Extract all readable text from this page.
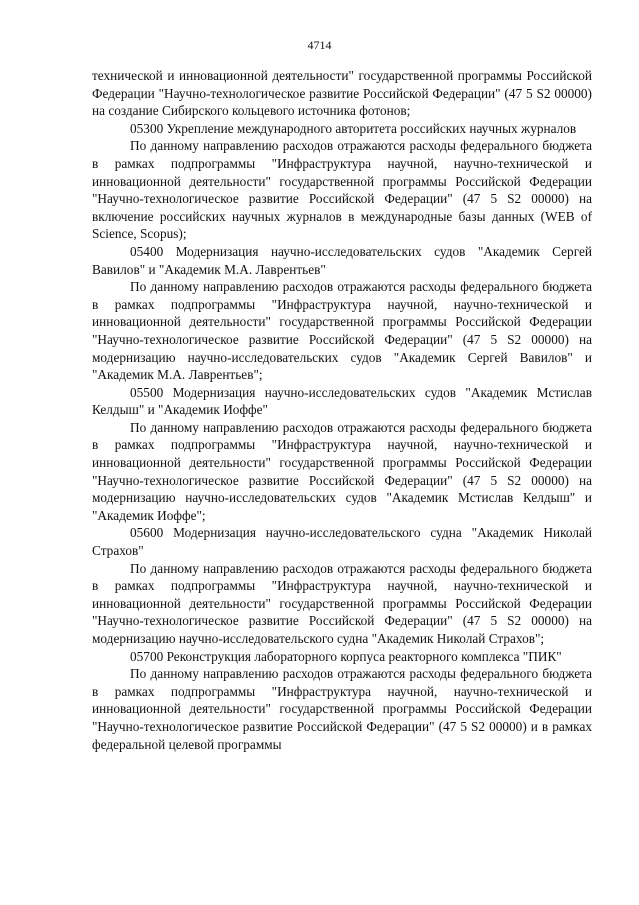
4714

технической и инновационной деятельности" государственной программы Российской Федерации "Научно-технологическое развитие Российской Федерации" (47 5 S2 00000) на создание Сибирского кольцевого источника фотонов;

05300 Укрепление международного авторитета российских научных журналов

По данному направлению расходов отражаются расходы федерального бюджета в рамках подпрограммы "Инфраструктура научной, научно-технической и инновационной деятельности" государственной программы Российской Федерации "Научно-технологическое развитие Российской Федерации" (47 5 S2 00000) на включение российских научных журналов в международные базы данных (WEB of Science, Scopus);

05400 Модернизация научно-исследовательских судов "Академик Сергей Вавилов" и "Академик М.А. Лаврентьев"

По данному направлению расходов отражаются расходы федерального бюджета в рамках подпрограммы "Инфраструктура научной, научно-технической и инновационной деятельности" государственной программы Российской Федерации "Научно-технологическое развитие Российской Федерации" (47 5 S2 00000) на модернизацию научно-исследовательских судов "Академик Сергей Вавилов" и "Академик М.А. Лаврентьев";

05500 Модернизация научно-исследовательских судов "Академик Мстислав Келдыш" и "Академик Иоффе"

По данному направлению расходов отражаются расходы федерального бюджета в рамках подпрограммы "Инфраструктура научной, научно-технической и инновационной деятельности" государственной программы Российской Федерации "Научно-технологическое развитие Российской Федерации" (47 5 S2 00000) на модернизацию научно-исследовательских судов "Академик Мстислав Келдыш" и "Академик Иоффе";

05600 Модернизация научно-исследовательского судна "Академик Николай Страхов"

По данному направлению расходов отражаются расходы федерального бюджета в рамках подпрограммы "Инфраструктура научной, научно-технической и инновационной деятельности" государственной программы Российской Федерации "Научно-технологическое развитие Российской Федерации" (47 5 S2 00000) на модернизацию научно-исследовательского судна "Академик Николай Страхов";

05700 Реконструкция лабораторного корпуса реакторного комплекса "ПИК"

По данному направлению расходов отражаются расходы федерального бюджета в рамках подпрограммы "Инфраструктура научной, научно-технической и инновационной деятельности" государственной программы Российской Федерации "Научно-технологическое развитие Российской Федерации" (47 5 S2 00000) и в рамках федеральной целевой программы
